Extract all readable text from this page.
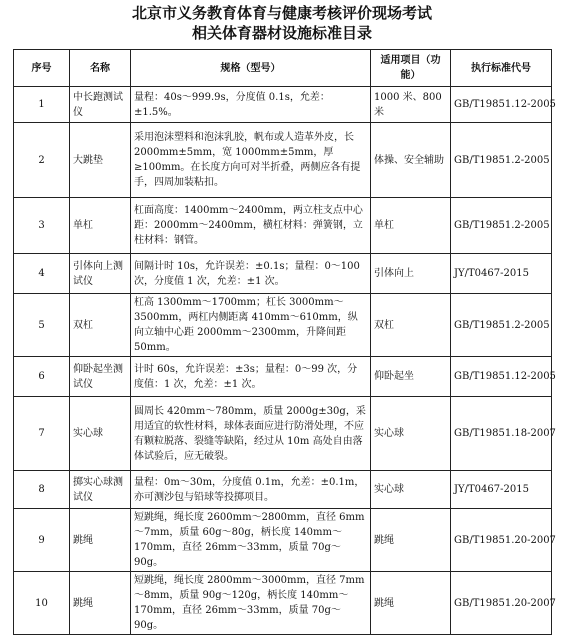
北京市义务教育体育与健康考核评价现场考试
相关体育器材设施标准目录
序号	名称	规格（型号）	适用项目（功能）	执行标准代号
1	中长跑测试仪	量程：40s～999.9s，分度值 0.1s，允差：±1.5%。	1000 米、800 米	GB/T19851.12-2005
2	大跳垫	采用泡沫塑料和泡沫乳胶，帆布或人造革外皮，长 2000mm±5mm，宽 1000mm±5mm，厚≥100mm。在长度方向可对半折叠，两侧应各有提手，四周加装粘扣。	体操、安全辅助	GB/T19851.2-2005
3	单杠	杠面高度：1400mm～2400mm，两立柱支点中心距：2000mm～2400mm，横杠材料：弹簧钢，立柱材料：钢管。	单杠	GB/T19851.2-2005
4	引体向上测试仪	间隔计时 10s，允许误差：±0.1s；量程：0～100 次，分度值 1 次，允差：±1 次。	引体向上	JY/T0467-2015
5	双杠	杠高 1300mm～1700mm；杠长 3000mm～3500mm，两杠内侧距离 410mm～610mm，纵向立轴中心距 2000mm～2300mm，升降间距 50mm。	双杠	GB/T19851.2-2005
6	仰卧起坐测试仪	计时 60s，允许误差：±3s；量程：0～99 次，分度值：1 次，允差：±1 次。	仰卧起坐	GB/T19851.12-2005
7	实心球	圆周长 420mm～780mm，质量 2000g±30g，采用适宜的软性材料，球体表面应进行防滑处理，不应有颗粒脱落、裂缝等缺陷，经过从 10m 高处自由落体试验后，应无破裂。	实心球	GB/T19851.18-2007
8	掷实心球测试仪	量程：0m～30m，分度值 0.1m，允差：±0.1m，亦可测沙包与铅球等投掷项目。	实心球	JY/T0467-2015
9	跳绳	短跳绳，绳长度 2600mm～2800mm，直径 6mm～7mm，质量 60g～80g，柄长度 140mm～170mm，直径 26mm～33mm，质量 70g～90g。	跳绳	GB/T19851.20-2007
10	跳绳	短跳绳，绳长度 2800mm～3000mm，直径 7mm～8mm，质量 90g～120g，柄长度 140mm～170mm，直径 26mm～33mm，质量 70g～90g。	跳绳	GB/T19851.20-2007
